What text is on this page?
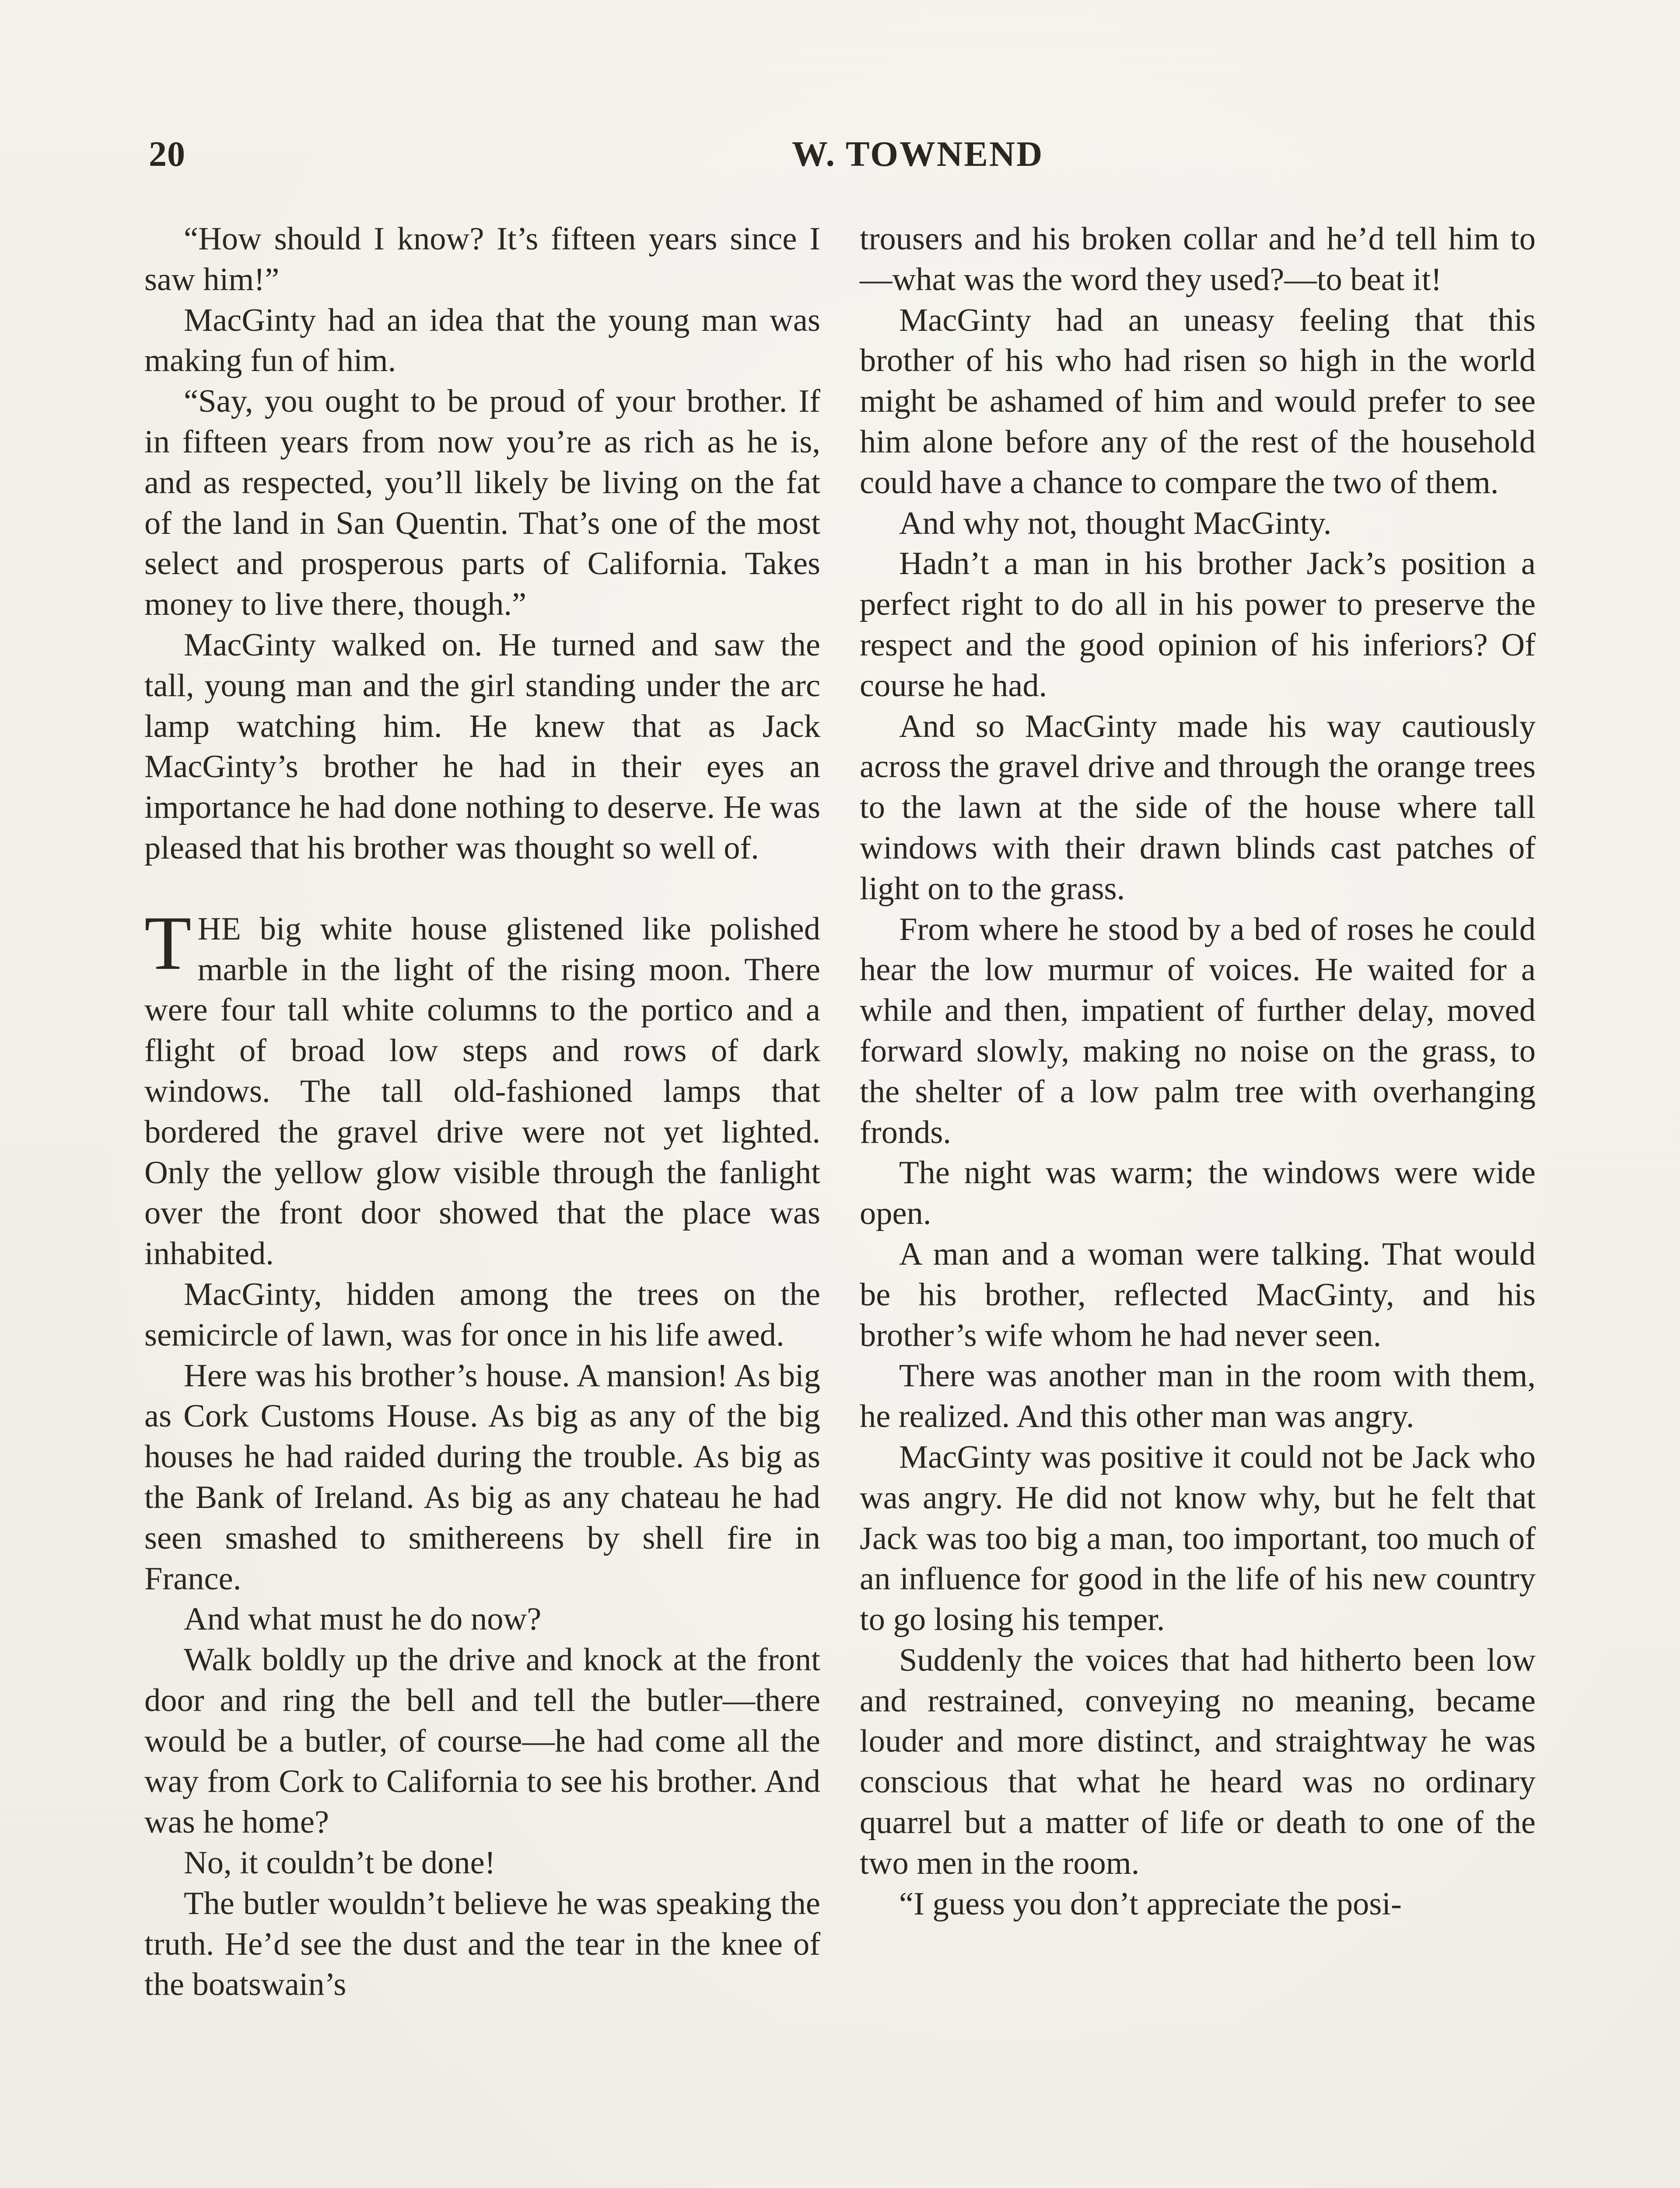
20	W. TOWNEND

“How should I know? It’s fifteen years since I saw him!”

MacGinty had an idea that the young man was making fun of him.

“Say, you ought to be proud of your brother. If in fifteen years from now you’re as rich as he is, and as respected, you’ll likely be living on the fat of the land in San Quentin. That’s one of the most select and prosperous parts of California. Takes money to live there, though.”

MacGinty walked on. He turned and saw the tall, young man and the girl standing under the arc lamp watching him. He knew that as Jack MacGinty’s brother he had in their eyes an importance he had done nothing to deserve. He was pleased that his brother was thought so well of.

THE big white house glistened like polished marble in the light of the rising moon. There were four tall white columns to the portico and a flight of broad low steps and rows of dark windows. The tall old-fashioned lamps that bordered the gravel drive were not yet lighted. Only the yellow glow visible through the fanlight over the front door showed that the place was inhabited.

MacGinty, hidden among the trees on the semicircle of lawn, was for once in his life awed.

Here was his brother’s house. A mansion! As big as Cork Customs House. As big as any of the big houses he had raided during the trouble. As big as the Bank of Ireland. As big as any chateau he had seen smashed to smithereens by shell fire in France.

And what must he do now?

Walk boldly up the drive and knock at the front door and ring the bell and tell the butler—there would be a butler, of course—he had come all the way from Cork to California to see his brother. And was he home?

No, it couldn’t be done!

The butler wouldn’t believe he was speaking the truth. He’d see the dust and the tear in the knee of the boatswain’s

trousers and his broken collar and he’d tell him to—what was the word they used?—to beat it!

MacGinty had an uneasy feeling that this brother of his who had risen so high in the world might be ashamed of him and would prefer to see him alone before any of the rest of the household could have a chance to compare the two of them.

And why not, thought MacGinty.

Hadn’t a man in his brother Jack’s position a perfect right to do all in his power to preserve the respect and the good opinion of his inferiors? Of course he had.

And so MacGinty made his way cautiously across the gravel drive and through the orange trees to the lawn at the side of the house where tall windows with their drawn blinds cast patches of light on to the grass.

From where he stood by a bed of roses he could hear the low murmur of voices. He waited for a while and then, impatient of further delay, moved forward slowly, making no noise on the grass, to the shelter of a low palm tree with overhanging fronds.

The night was warm; the windows were wide open.

A man and a woman were talking. That would be his brother, reflected MacGinty, and his brother’s wife whom he had never seen.

There was another man in the room with them, he realized. And this other man was angry.

MacGinty was positive it could not be Jack who was angry. He did not know why, but he felt that Jack was too big a man, too important, too much of an influence for good in the life of his new country to go losing his temper.

Suddenly the voices that had hitherto been low and restrained, conveying no meaning, became louder and more distinct, and straightway he was conscious that what he heard was no ordinary quarrel but a matter of life or death to one of the two men in the room.

“I guess you don’t appreciate the posi-
